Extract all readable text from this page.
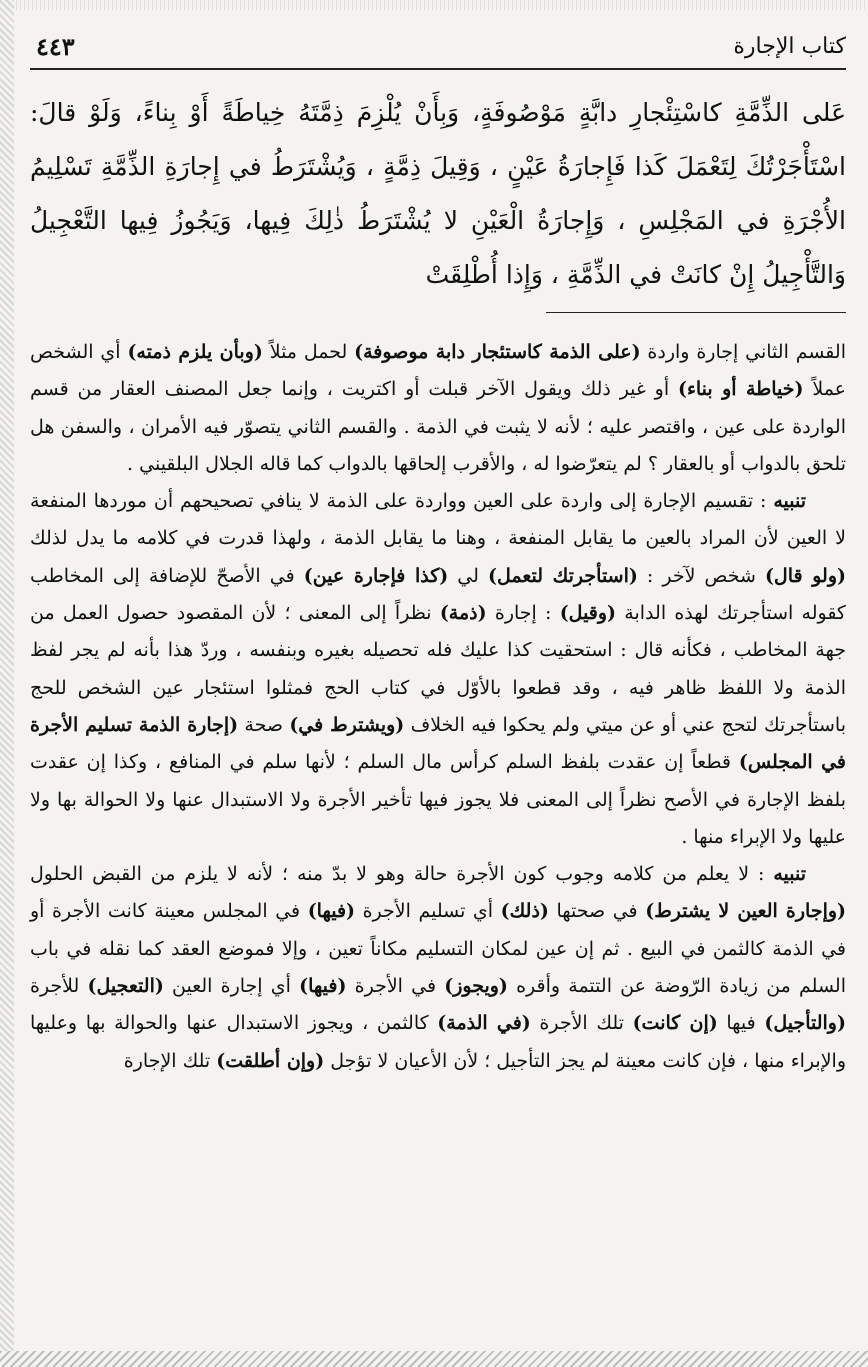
٤٤٣	كتاب الإجارة
عَلى الذِّمَّةِ كاسْتِئْجارِ دابَّةٍ مَوْصُوفَةٍ، وَبِأَنْ يُلْزِمَ ذِمَّتَهُ خِياطَةً أَوْ بِناءً، وَلَوْ قالَ: اسْتَأْجَرْتُكَ لِتَعْمَلَ كَذا فَإِجارَةُ عَيْنٍ ، وَقِيلَ ذِمَّةٍ ، وَيُشْتَرَطُ في إِجارَةِ الذِّمَّةِ تَسْلِيمُ الأُجْرَةِ في المَجْلِسِ ، وَإِجارَةُ الْعَيْنِ لا يُشْتَرَطُ ذٰلِكَ فِيها، وَيَجُوزُ فِيها التَّعْجِيلُ وَالتَّأْجِيلُ إِنْ كانَتْ في الذِّمَّةِ ، وَإِذا أُطْلِقَتْ

القسم الثاني إجارة واردة (على الذمة كاستئجار دابة موصوفة) لحمل مثلاً (وبأن يلزم ذمته) أي الشخص عملاً (خياطة أو بناء) أو غير ذلك ويقول الآخر قبلت أو اكتريت ، وإنما جعل المصنف العقار من قسم الواردة على عين ، واقتصر عليه ؛ لأنه لا يثبت في الذمة . والقسم الثاني يتصوّر فيه الأمران ، والسفن هل تلحق بالدواب أو بالعقار ؟ لم يتعرّضوا له ، والأقرب إلحاقها بالدواب كما قاله الجلال البلقيني .

تنبيه : تقسيم الإجارة إلى واردة على العين وواردة على الذمة لا ينافي تصحيحهم أن موردها المنفعة لا العين لأن المراد بالعين ما يقابل المنفعة ، وهنا ما يقابل الذمة ، ولهذا قدرت في كلامه ما يدل لذلك (ولو قال) شخص لآخر : (استأجرتك لتعمل) لي (كذا فإجارة عين) في الأصحّ للإضافة إلى المخاطب كقوله استأجرتك لهذه الدابة (وقيل) : إجارة (ذمة) نظراً إلى المعنى ؛ لأن المقصود حصول العمل من جهة المخاطب ، فكأنه قال : استحقيت كذا عليك فله تحصيله بغيره وبنفسه ، وردّ هذا بأنه لم يجر لفظ الذمة ولا اللفظ ظاهر فيه ، وقد قطعوا بالأوّل في كتاب الحج فمثلوا استئجار عين الشخص للحج باستأجرتك لتحج عني أو عن ميتي ولم يحكوا فيه الخلاف (ويشترط في) صحة (إجارة الذمة تسليم الأجرة في المجلس) قطعاً إن عقدت بلفظ السلم كرأس مال السلم ؛ لأنها سلم في المنافع ، وكذا إن عقدت بلفظ الإجارة في الأصح نظراً إلى المعنى فلا يجوز فيها تأخير الأجرة ولا الاستبدال عنها ولا الحوالة بها ولا عليها ولا الإبراء منها .

تنبيه : لا يعلم من كلامه وجوب كون الأجرة حالة وهو لا بدّ منه ؛ لأنه لا يلزم من القبض الحلول (وإجارة العين لا يشترط) في صحتها (ذلك) أي تسليم الأجرة (فيها) في المجلس معينة كانت الأجرة أو في الذمة كالثمن في البيع . ثم إن عين لمكان التسليم مكاناً تعين ، وإلا فموضع العقد كما نقله في باب السلم من زيادة الرّوضة عن التتمة وأقره (ويجوز) في الأجرة (فيها) أي إجارة العين (التعجيل) للأجرة (والتأجيل) فيها (إن كانت) تلك الأجرة (في الذمة) كالثمن ، ويجوز الاستبدال عنها والحوالة بها وعليها والإبراء منها ، فإن كانت معينة لم يجز التأجيل ؛ لأن الأعيان لا تؤجل (وإن أطلقت) تلك الإجارة
